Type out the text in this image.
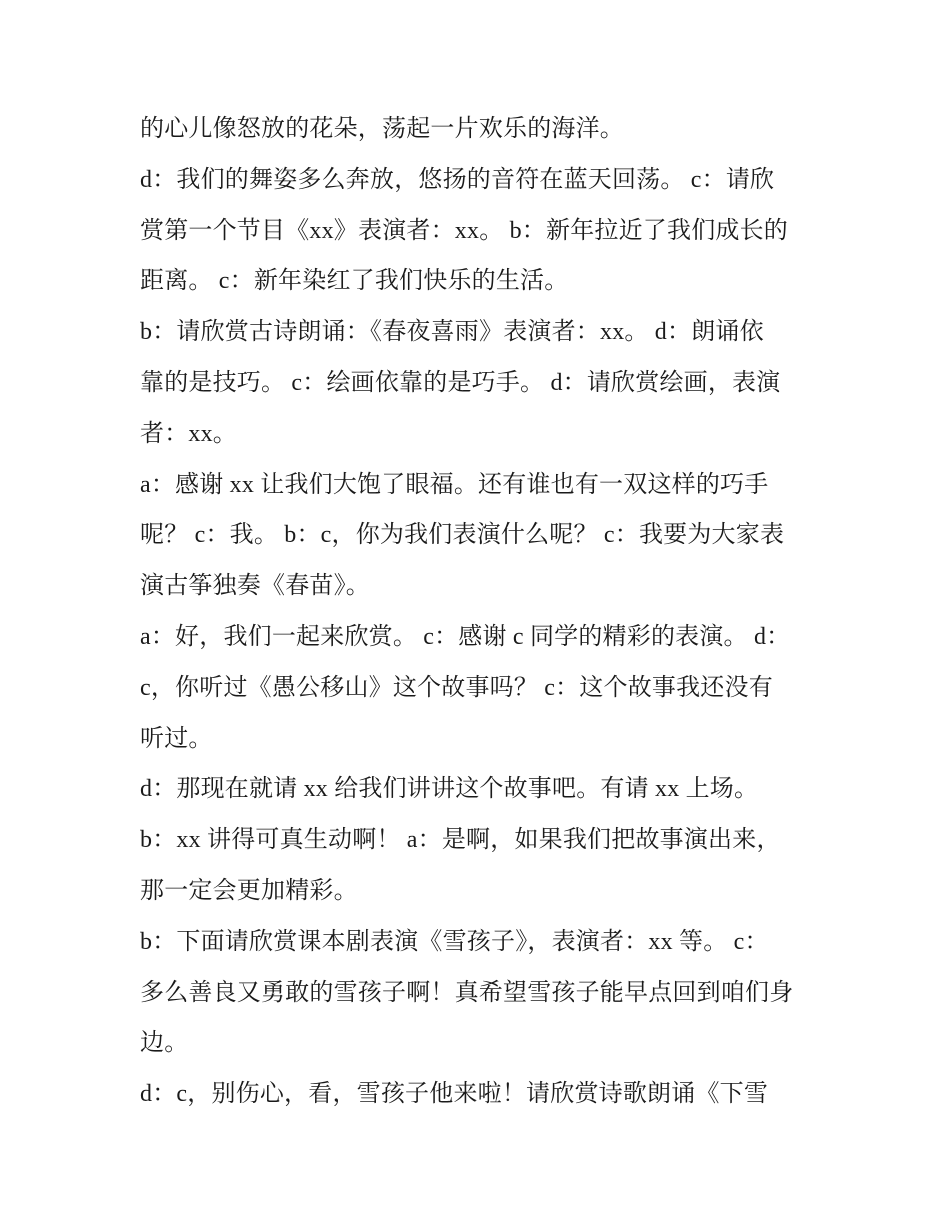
的心儿像怒放的花朵，荡起一片欢乐的海洋。
d：我们的舞姿多么奔放，悠扬的音符在蓝天回荡。 c：请欣
赏第一个节目《xx》表演者：xx。 b：新年拉近了我们成长的
距离。 c：新年染红了我们快乐的生活。
b：请欣赏古诗朗诵：《春夜喜雨》表演者：xx。 d：朗诵依
靠的是技巧。 c：绘画依靠的是巧手。 d：请欣赏绘画，表演
者：xx。
a：感谢 xx 让我们大饱了眼福。还有谁也有一双这样的巧手
呢？ c：我。 b：c，你为我们表演什么呢？ c：我要为大家表
演古筝独奏《春苗》。
a：好，我们一起来欣赏。 c：感谢 c 同学的精彩的表演。 d：
c，你听过《愚公移山》这个故事吗？ c：这个故事我还没有
听过。
d：那现在就请 xx 给我们讲讲这个故事吧。有请 xx 上场。
b：xx 讲得可真生动啊！ a：是啊，如果我们把故事演出来，
那一定会更加精彩。
b：下面请欣赏课本剧表演《雪孩子》，表演者：xx 等。 c：
多么善良又勇敢的雪孩子啊！真希望雪孩子能早点回到咱们身
边。
d：c，别伤心，看，雪孩子他来啦！请欣赏诗歌朗诵《下雪
